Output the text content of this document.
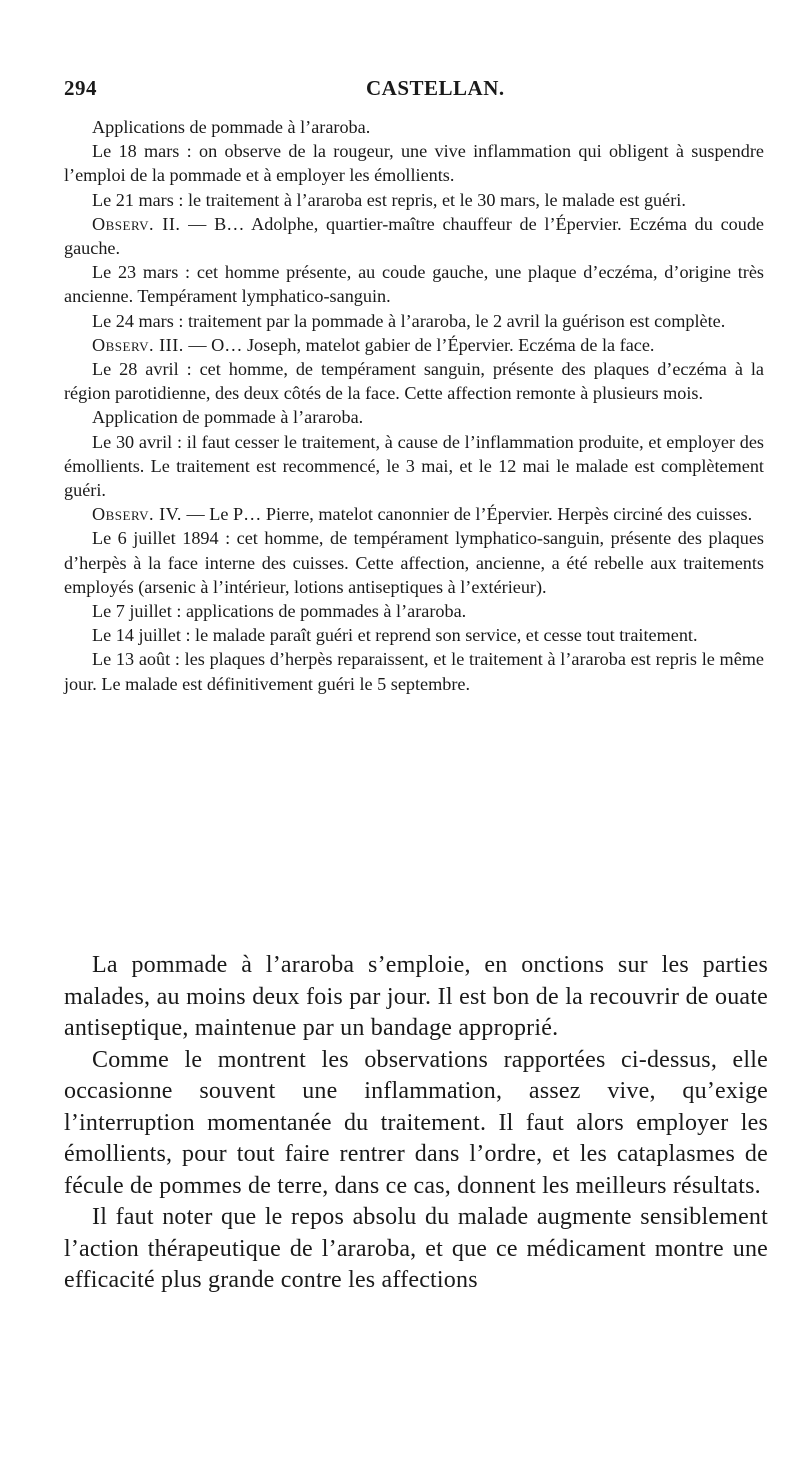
294	CASTELLAN.

Applications de pommade à l’araroba.

Le 18 mars : on observe de la rougeur, une vive inflammation qui obligent à suspendre l’emploi de la pommade et à employer les émollients.

Le 21 mars : le traitement à l’araroba est repris, et le 30 mars, le malade est guéri.

Observ. II. — B… Adolphe, quartier-maître chauffeur de l’Épervier. Eczéma du coude gauche.

Le 23 mars : cet homme présente, au coude gauche, une plaque d’eczéma, d’origine très ancienne. Tempérament lymphatico-sanguin.

Le 24 mars : traitement par la pommade à l’araroba, le 2 avril la guérison est complète.

Observ. III. — O… Joseph, matelot gabier de l’Épervier. Eczéma de la face.

Le 28 avril : cet homme, de tempérament sanguin, présente des plaques d’eczéma à la région parotidienne, des deux côtés de la face. Cette affection remonte à plusieurs mois.

Application de pommade à l’araroba.

Le 30 avril : il faut cesser le traitement, à cause de l’inflammation produite, et employer des émollients. Le traitement est recommencé, le 3 mai, et le 12 mai le malade est complètement guéri.

Observ. IV. — Le P… Pierre, matelot canonnier de l’Épervier. Herpès circiné des cuisses.

Le 6 juillet 1894 : cet homme, de tempérament lymphatico-sanguin, présente des plaques d’herpès à la face interne des cuisses. Cette affection, ancienne, a été rebelle aux traitements employés (arsenic à l’intérieur, lotions antiseptiques à l’extérieur).

Le 7 juillet : applications de pommades à l’araroba.

Le 14 juillet : le malade paraît guéri et reprend son service, et cesse tout traitement.

Le 13 août : les plaques d’herpès reparaissent, et le traitement à l’araroba est repris le même jour. Le malade est définitivement guéri le 5 septembre.

La pommade à l’araroba s’emploie, en onctions sur les parties malades, au moins deux fois par jour. Il est bon de la recouvrir de ouate antiseptique, maintenue par un bandage approprié.

Comme le montrent les observations rapportées ci-dessus, elle occasionne souvent une inflammation, assez vive, qu’exige l’interruption momentanée du traitement. Il faut alors employer les émollients, pour tout faire rentrer dans l’ordre, et les cataplasmes de fécule de pommes de terre, dans ce cas, donnent les meilleurs résultats.

Il faut noter que le repos absolu du malade augmente sensiblement l’action thérapeutique de l’araroba, et que ce médicament montre une efficacité plus grande contre les affections
